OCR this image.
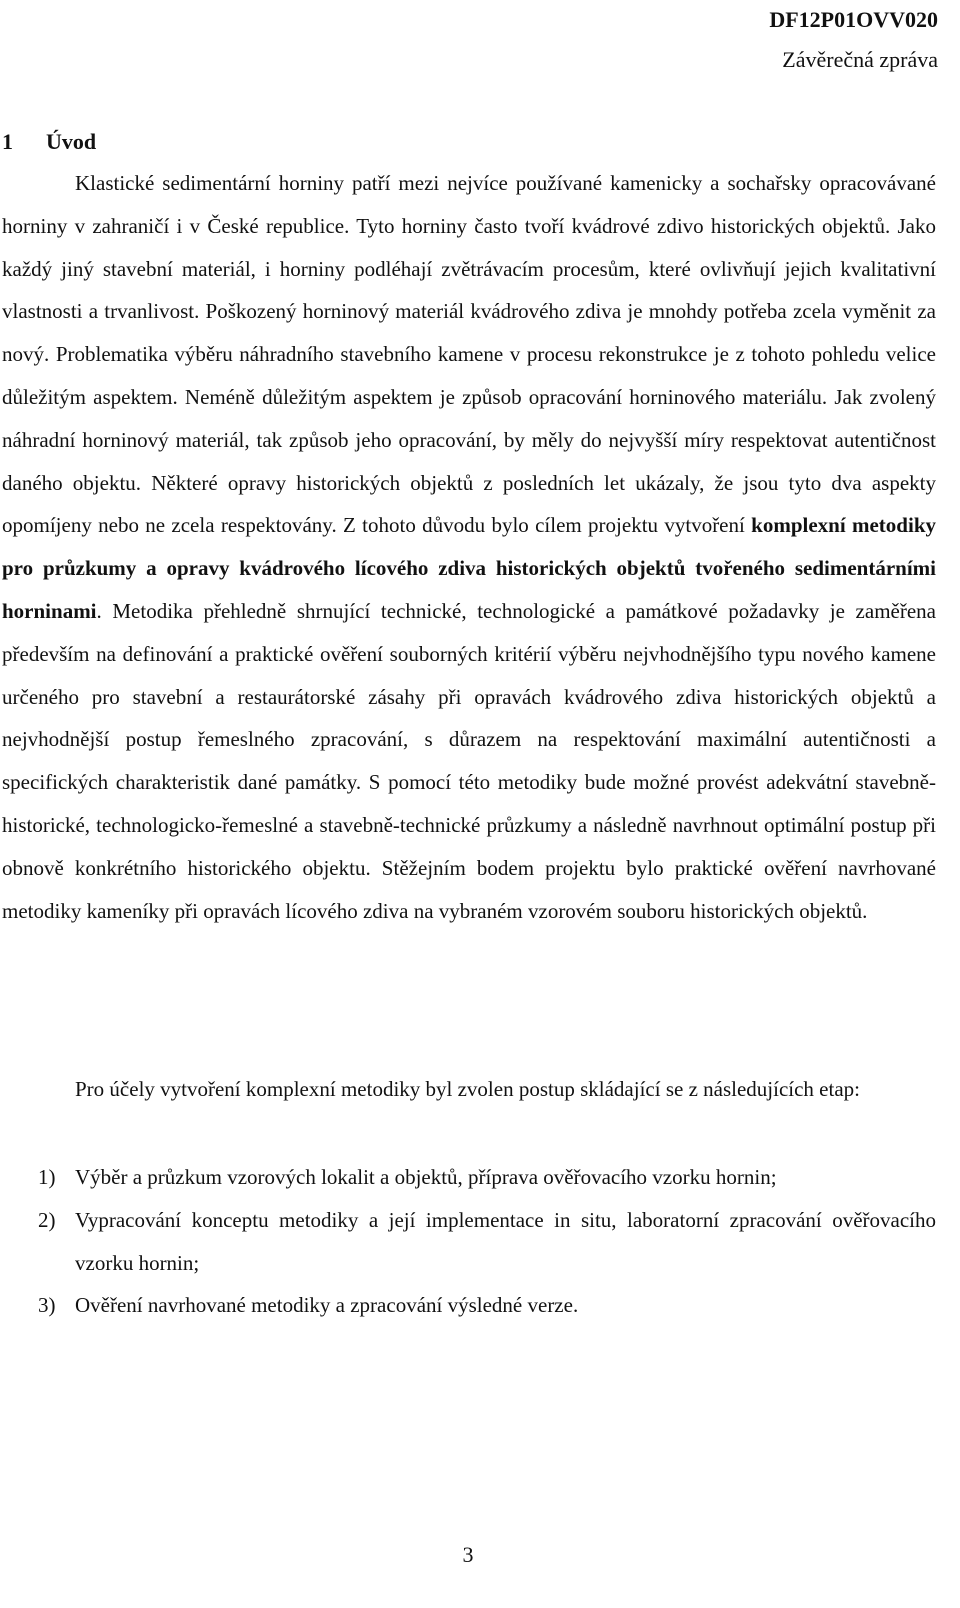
DF12P01OVV020
Závěrečná zpráva
1 Úvod

Klastické sedimentární horniny patří mezi nejvíce používané kamenicky a sochařsky opracovávané horniny v zahraničí i v České republice. Tyto horniny často tvoří kvádrové zdivo historických objektů. Jako každý jiný stavební materiál, i horniny podléhají zvětrávacím procesům, které ovlivňují jejich kvalitativní vlastnosti a trvanlivost. Poškozený horninový materiál kvádrového zdiva je mnohdy potřeba zcela vyměnit za nový. Problematika výběru náhradního stavebního kamene v procesu rekonstrukce je z tohoto pohledu velice důležitým aspektem. Neméně důležitým aspektem je způsob opracování horninového materiálu. Jak zvolený náhradní horninový materiál, tak způsob jeho opracování, by měly do nejvyšší míry respektovat autentičnost daného objektu. Některé opravy historických objektů z posledních let ukázaly, že jsou tyto dva aspekty opomíjeny nebo ne zcela respektovány. Z tohoto důvodu bylo cílem projektu vytvoření komplexní metodiky pro průzkumy a opravy kvádrového lícového zdiva historických objektů tvořeného sedimentárními horninami. Metodika přehledně shrnující technické, technologické a památkové požadavky je zaměřena především na definování a praktické ověření souborných kritérií výběru nejvhodnějšího typu nového kamene určeného pro stavební a restaurátorské zásahy při opravách kvádrového zdiva historických objektů a nejvhodnější postup řemeslného zpracování, s důrazem na respektování maximální autentičnosti a specifických charakteristik dané památky. S pomocí této metodiky bude možné provést adekvátní stavebně-historické, technologicko-řemeslné a stavebně-technické průzkumy a následně navrhnout optimální postup při obnově konkrétního historického objektu. Stěžejním bodem projektu bylo praktické ověření navrhované metodiky kameníky při opravách lícového zdiva na vybraném vzorovém souboru historických objektů.

Pro účely vytvoření komplexní metodiky byl zvolen postup skládající se z následujících etap:

1) Výběr a průzkum vzorových lokalit a objektů, příprava ověřovacího vzorku hornin;
2) Vypracování konceptu metodiky a její implementace in situ, laboratorní zpracování ověřovacího vzorku hornin;
3) Ověření navrhované metodiky a zpracování výsledné verze.
3
